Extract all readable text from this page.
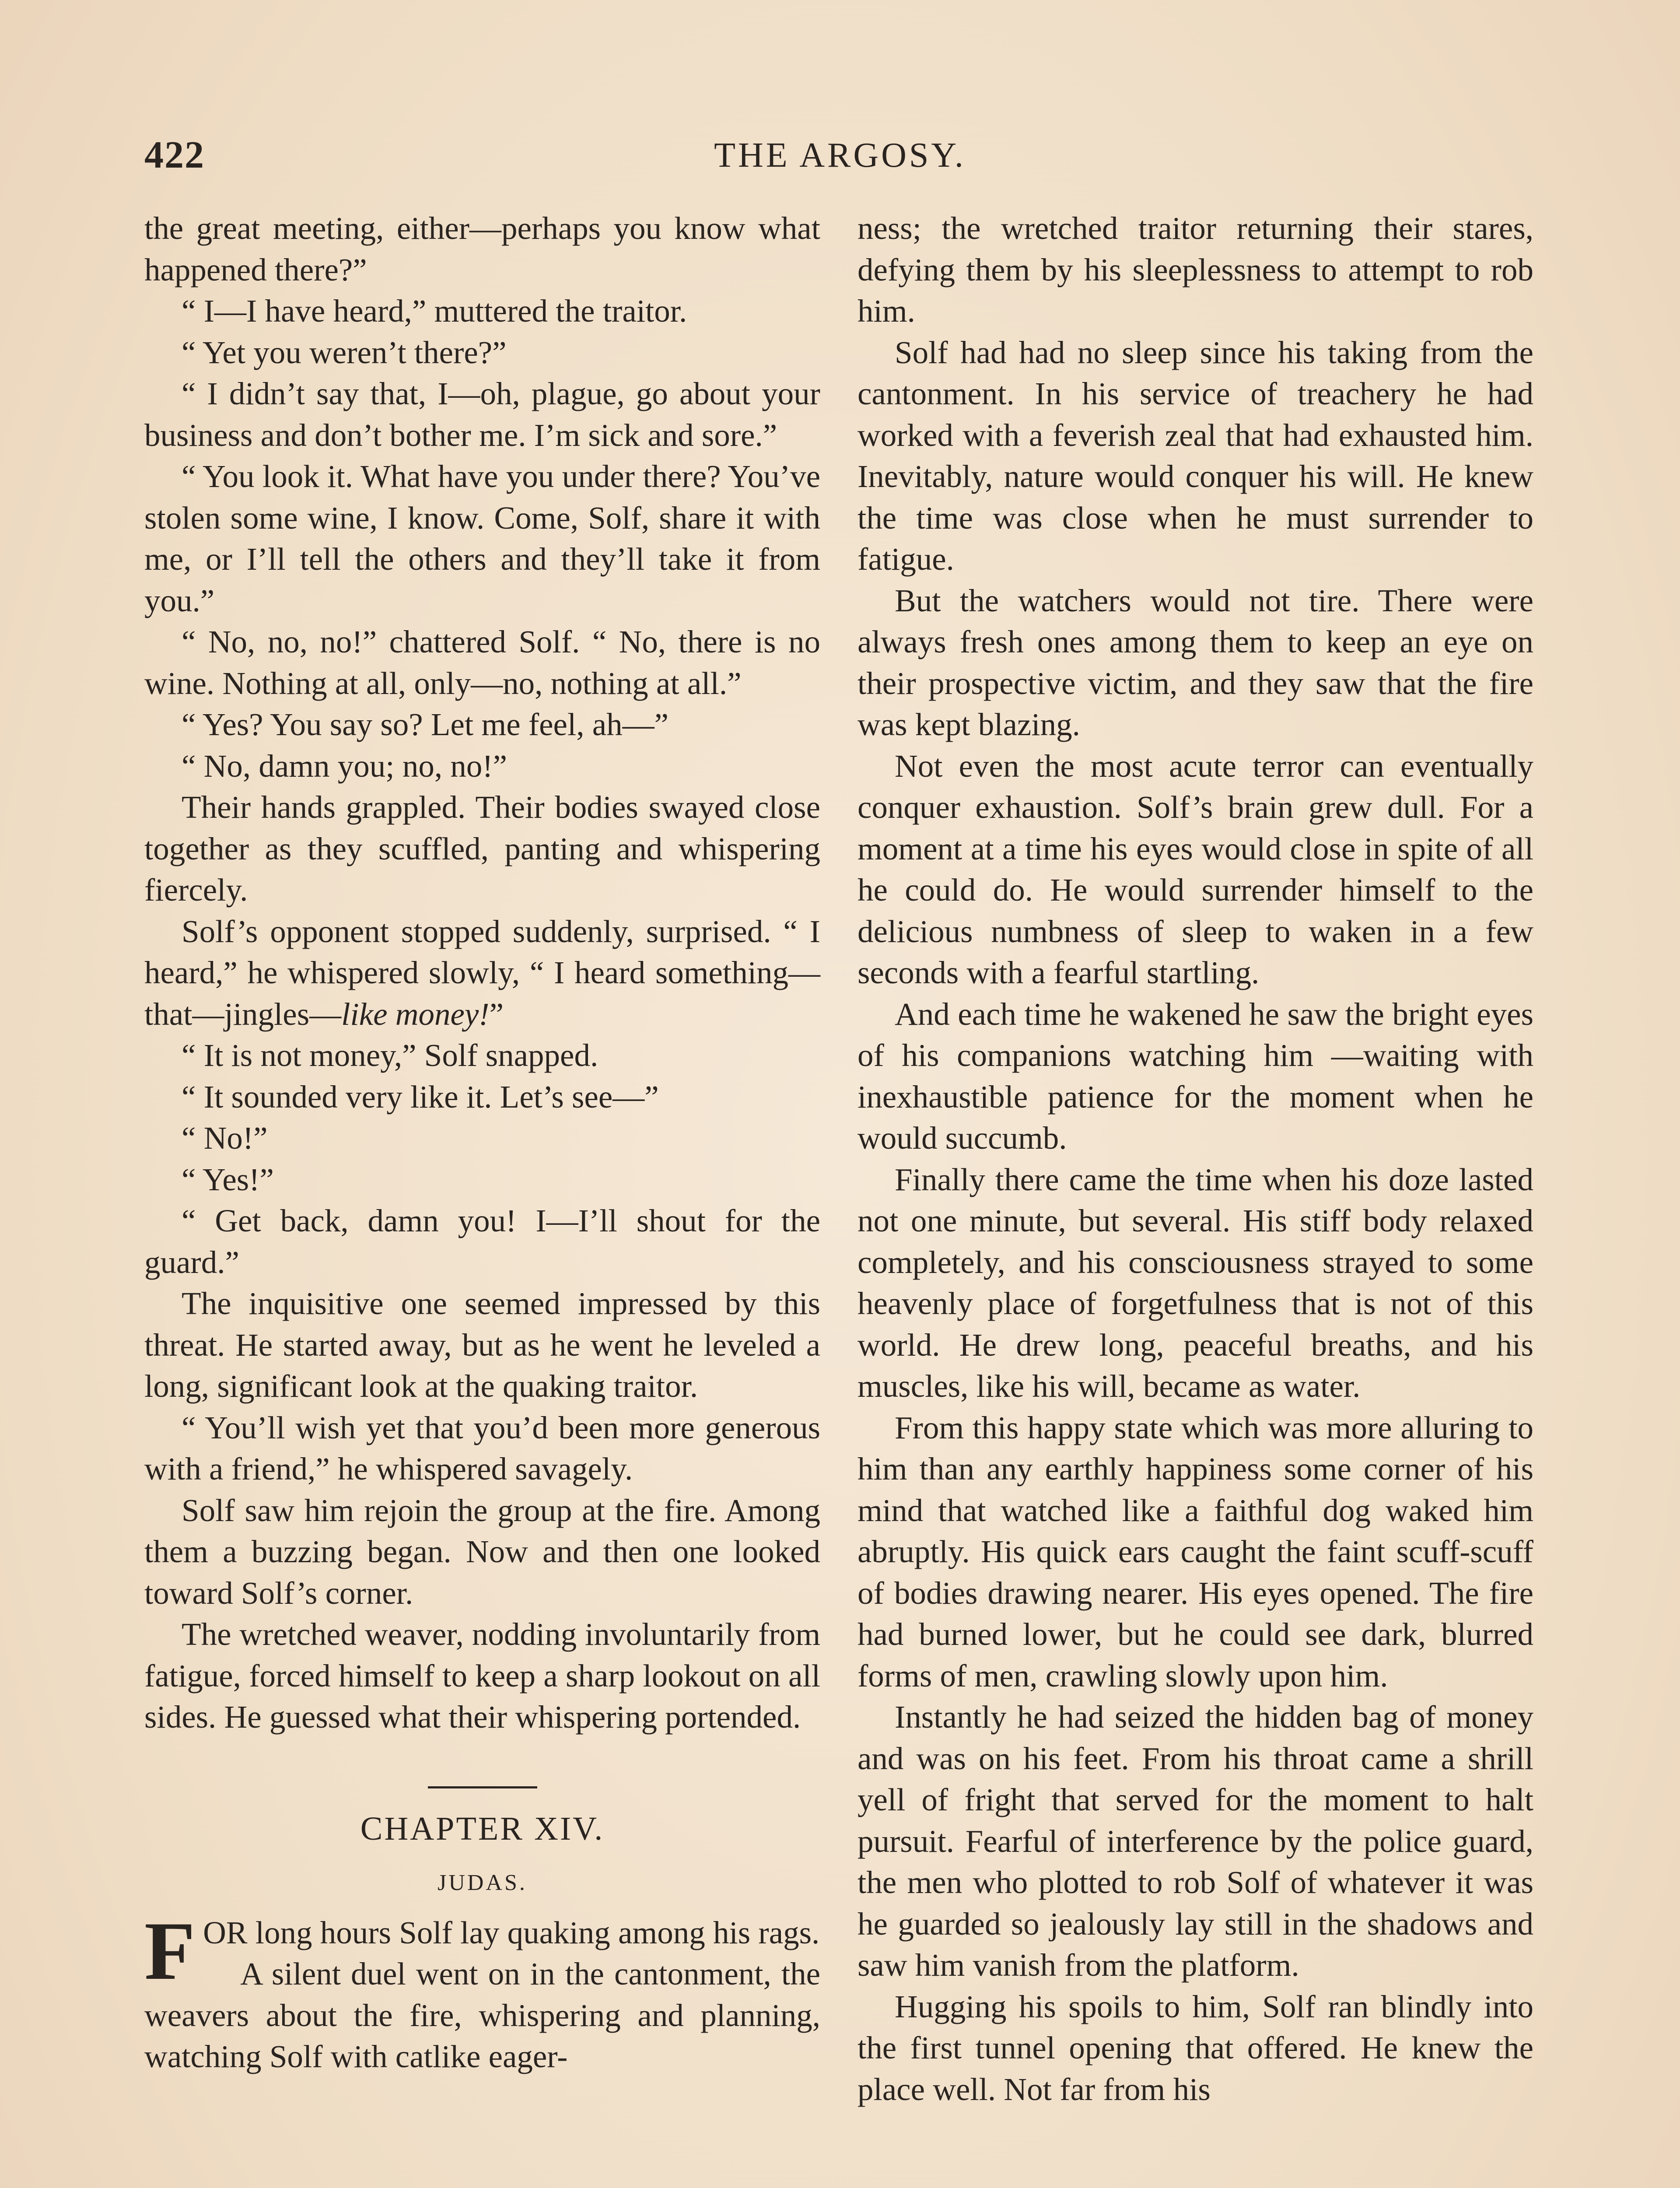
422	THE ARGOSY.

the great meeting, either—perhaps you know what happened there?”

“ I—I have heard,” muttered the traitor.

“ Yet you weren’t there?”

“ I didn’t say that, I—oh, plague, go about your business and don’t bother me. I’m sick and sore.”

“ You look it. What have you under there? You’ve stolen some wine, I know. Come, Solf, share it with me, or I’ll tell the others and they’ll take it from you.”

“ No, no, no!” chattered Solf. “ No, there is no wine. Nothing at all, only—no, nothing at all.”

“ Yes? You say so? Let me feel, ah—”

“ No, damn you; no, no!”

Their hands grappled. Their bodies swayed close together as they scuffled, panting and whispering fiercely.

Solf’s opponent stopped suddenly, surprised. “ I heard,” he whispered slowly, “ I heard something—that—jingles—like money!”

“ It is not money,” Solf snapped.

“ It sounded very like it. Let’s see—”

“ No!”

“ Yes!”

“ Get back, damn you! I—I’ll shout for the guard.”

The inquisitive one seemed impressed by this threat. He started away, but as he went he leveled a long, significant look at the quaking traitor.

“ You’ll wish yet that you’d been more generous with a friend,” he whispered savagely.

Solf saw him rejoin the group at the fire. Among them a buzzing began. Now and then one looked toward Solf’s corner.

The wretched weaver, nodding involuntarily from fatigue, forced himself to keep a sharp lookout on all sides. He guessed what their whispering portended.

CHAPTER XIV.

JUDAS.

FOR long hours Solf lay quaking among his rags.

A silent duel went on in the cantonment, the weavers about the fire, whispering and planning, watching Solf with catlike eager-

ness; the wretched traitor returning their stares, defying them by his sleeplessness to attempt to rob him.

Solf had had no sleep since his taking from the cantonment. In his service of treachery he had worked with a feverish zeal that had exhausted him. Inevitably, nature would conquer his will. He knew the time was close when he must surrender to fatigue.

But the watchers would not tire. There were always fresh ones among them to keep an eye on their prospective victim, and they saw that the fire was kept blazing.

Not even the most acute terror can eventually conquer exhaustion. Solf’s brain grew dull. For a moment at a time his eyes would close in spite of all he could do. He would surrender himself to the delicious numbness of sleep to waken in a few seconds with a fearful startling.

And each time he wakened he saw the bright eyes of his companions watching him —waiting with inexhaustible patience for the moment when he would succumb.

Finally there came the time when his doze lasted not one minute, but several. His stiff body relaxed completely, and his consciousness strayed to some heavenly place of forgetfulness that is not of this world. He drew long, peaceful breaths, and his muscles, like his will, became as water.

From this happy state which was more alluring to him than any earthly happiness some corner of his mind that watched like a faithful dog waked him abruptly. His quick ears caught the faint scuff-scuff of bodies drawing nearer. His eyes opened. The fire had burned lower, but he could see dark, blurred forms of men, crawling slowly upon him.

Instantly he had seized the hidden bag of money and was on his feet. From his throat came a shrill yell of fright that served for the moment to halt pursuit. Fearful of interference by the police guard, the men who plotted to rob Solf of whatever it was he guarded so jealously lay still in the shadows and saw him vanish from the platform.

Hugging his spoils to him, Solf ran blindly into the first tunnel opening that offered. He knew the place well. Not far from his
